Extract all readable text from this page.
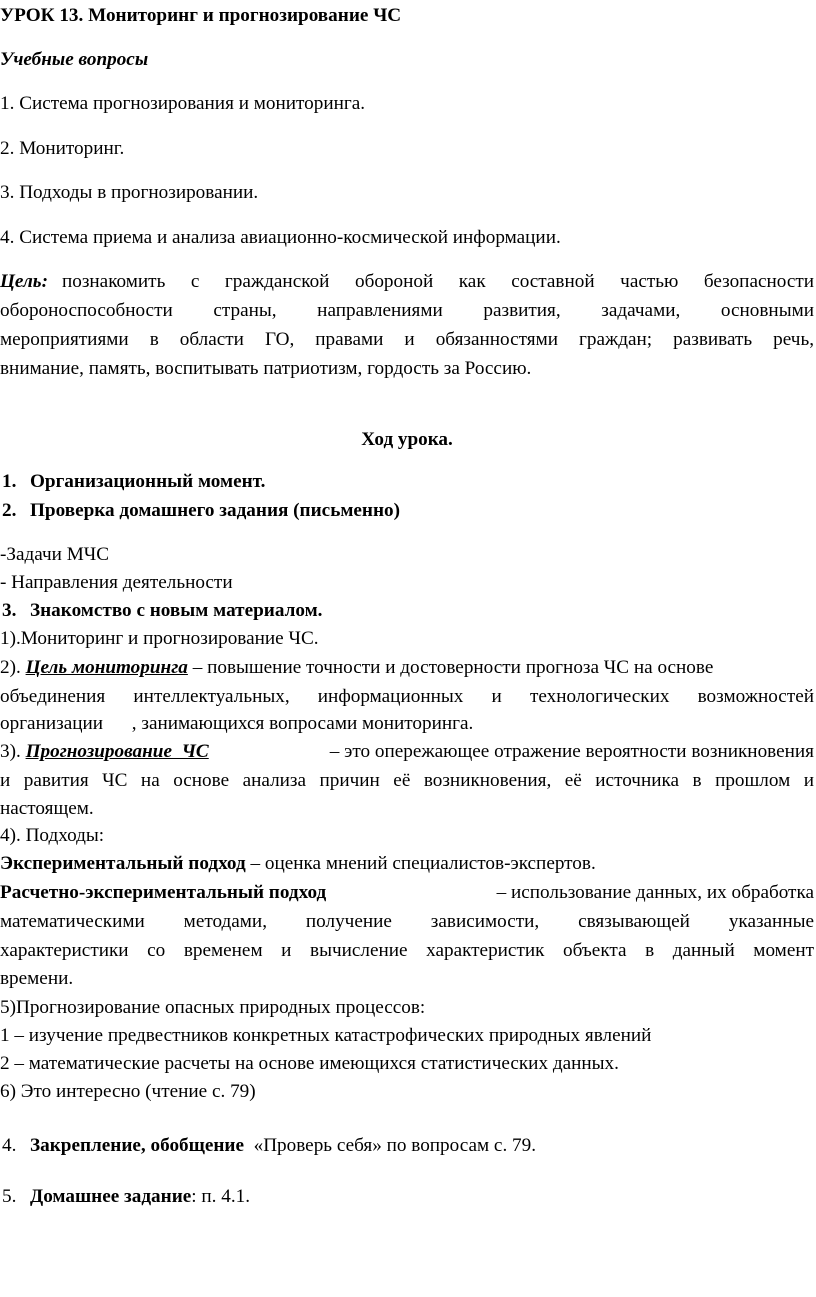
УРОК 13. Мониторинг и прогнозирование ЧС
Учебные вопросы
1. Система прогнозирования и мониторинга.
2. Мониторинг.
3. Подходы в прогнозировании.
4. Система приема и анализа авиационно-космической информации.
Цель: познакомить с гражданской обороной как составной частью безопасности
обороноспособности страны, направлениями развития, задачами, основными
мероприятиями в области ГО, правами и обязанностями граждан; развивать речь,
внимание, память, воспитывать патриотизм, гордость за Россию.
Ход урока.
1. Организационный момент.
2. Проверка домашнего задания (письменно)
-Задачи МЧС
- Направления деятельности
3. Знакомство с новым материалом.
1).Мониторинг и прогнозирование ЧС.
2). Цель мониторинга – повышение точности и достоверности прогноза ЧС на основе
объединения интеллектуальных, информационных и технологических возможностей
организации      , занимающихся вопросами мониторинга.
3). Прогнозирование  ЧС	– это опережающее отражение вероятности возникновения
и равития ЧС на основе анализа причин её возникновения, её источника в прошлом и
настоящем.
4). Подходы:
Экспериментальный подход – оценка мнений специалистов-экспертов.
Расчетно-экспериментальный подход	– использование данных, их обработка
математическими методами, получение зависимости, связывающей указанные
характеристики со временем и вычисление характеристик объекта в данный момент
времени.
5)Прогнозирование опасных природных процессов:
1 – изучение предвестников конкретных катастрофических природных явлений
2 – математические расчеты на основе имеющихся статистических данных.
6) Это интересно (чтение с. 79)
4. Закрепление, обобщение  «Проверь себя» по вопросам с. 79.
5. Домашнее задание: п. 4.1.
